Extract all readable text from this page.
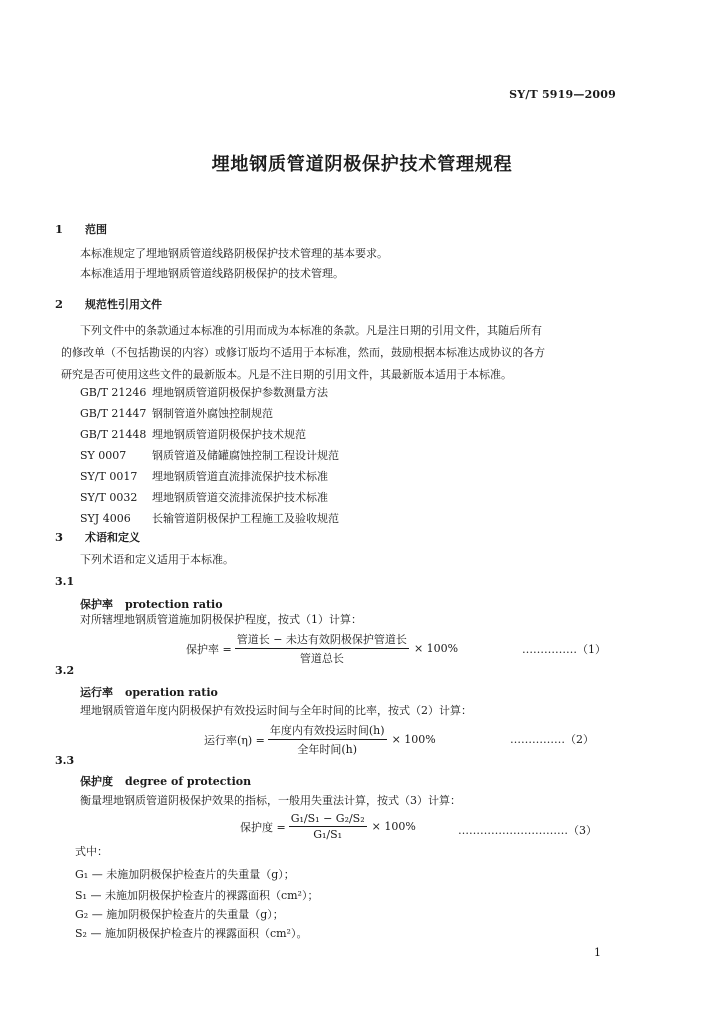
SY/T 5919—2009
埋地钢质管道阴极保护技术管理规程
1 范围
本标准规定了埋地钢质管道线路阴极保护技术管理的基本要求。
本标准适用于埋地钢质管道线路阴极保护的技术管理。
2 规范性引用文件
下列文件中的条款通过本标准的引用而成为本标准的条款。凡是注日期的引用文件，其随后所有
的修改单（不包括勘误的内容）或修订版均不适用于本标准，然而，鼓励根据本标准达成协议的各方
研究是否可使用这些文件的最新版本。凡是不注日期的引用文件，其最新版本适用于本标准。
GB/T 21246 埋地钢质管道阴极保护参数测量方法
GB/T 21447 钢制管道外腐蚀控制规范
GB/T 21448 埋地钢质管道阴极保护技术规范
SY 0007 钢质管道及储罐腐蚀控制工程设计规范
SY/T 0017 埋地钢质管道直流排流保护技术标准
SY/T 0032 埋地钢质管道交流排流保护技术标准
SYJ 4006 长输管道阴极保护工程施工及验收规范
3 术语和定义
下列术语和定义适用于本标准。
3.1
保护率 protection ratio
对所辖埋地钢质管道施加阴极保护程度，按式（1）计算：
保护率 = $\frac{\text{管道长 − 未达有效阴极保护管道长}}{\text{管道总长}} \times 100\%$	……………（1）
3.2
运行率 operation ratio
埋地钢质管道年度内阴极保护有效投运时间与全年时间的比率，按式（2）计算：
运行率$(\eta) = \frac{\text{年度内有效投运时间(h)}}{\text{全年时间(h)}} \times 100\%$	……………（2）
3.3
保护度 degree of protection
衡量埋地钢质管道阴极保护效果的指标，一般用失重法计算，按式（3）计算：
保护度 = $\frac{\text{G₁/S₁ − G₂/S₂}}{\text{G₁/S₁}} \times 100\%$	…………………………（3）
式中：
G₁ — 未施加阴极保护检查片的失重量（g）；
S₁ — 未施加阴极保护检查片的裸露面积（cm²）；
G₂ — 施加阴极保护检查片的失重量（g）；
S₂ — 施加阴极保护检查片的裸露面积（cm²）。
1
